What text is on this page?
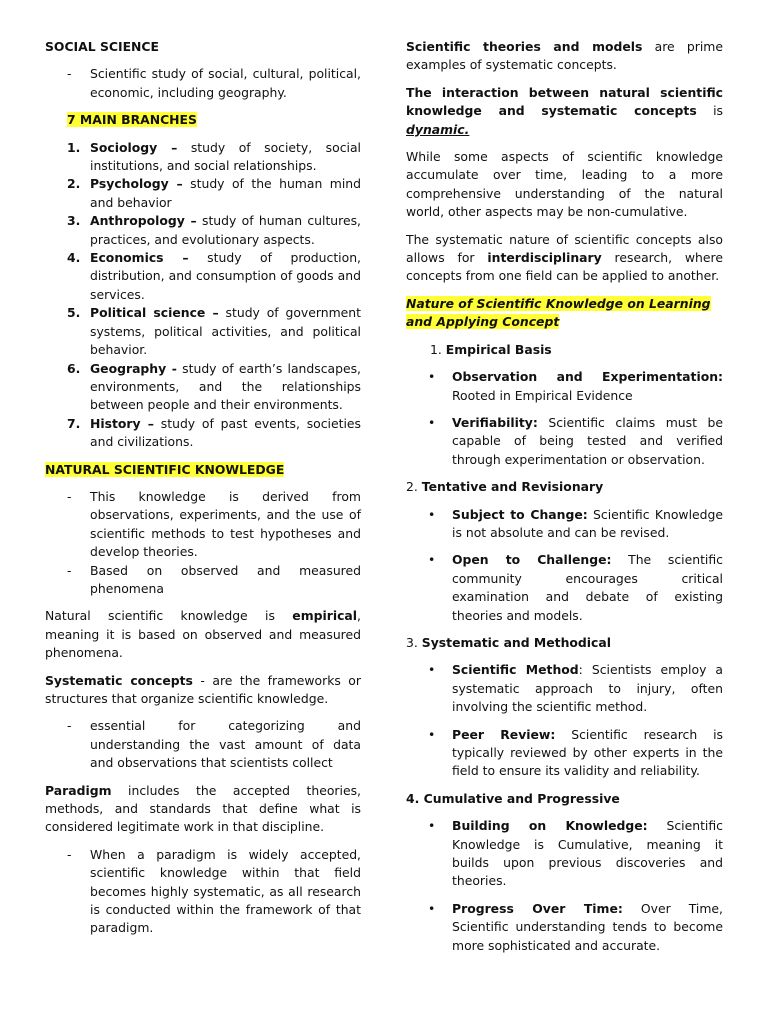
SOCIAL SCIENCE
- Scientific study of social, cultural, political, economic, including geography.
7 MAIN BRANCHES
1. Sociology – study of society, social institutions, and social relationships.
2. Psychology – study of the human mind and behavior
3. Anthropology – study of human cultures, practices, and evolutionary aspects.
4. Economics – study of production, distribution, and consumption of goods and services.
5. Political science – study of government systems, political activities, and political behavior.
6. Geography - study of earth’s landscapes, environments, and the relationships between people and their environments.
7. History – study of past events, societies and civilizations.
NATURAL SCIENTIFIC KNOWLEDGE
- This knowledge is derived from observations, experiments, and the use of scientific methods to test hypotheses and develop theories.
- Based on observed and measured phenomena

Natural scientific knowledge is empirical, meaning it is based on observed and measured phenomena.

Systematic concepts - are the frameworks or structures that organize scientific knowledge.

- essential for categorizing and understanding the vast amount of data and observations that scientists collect

Paradigm includes the accepted theories, methods, and standards that define what is considered legitimate work in that discipline.

- When a paradigm is widely accepted, scientific knowledge within that field becomes highly systematic, as all research is conducted within the framework of that paradigm.

Scientific theories and models are prime examples of systematic concepts.

The interaction between natural scientific knowledge and systematic concepts is dynamic.

While some aspects of scientific knowledge accumulate over time, leading to a more comprehensive understanding of the natural world, other aspects may be non-cumulative.

The systematic nature of scientific concepts also allows for interdisciplinary research, where concepts from one field can be applied to another.

Nature of Scientific Knowledge on Learning and Applying Concept

1. Empirical Basis
• Observation and Experimentation: Rooted in Empirical Evidence
• Verifiability: Scientific claims must be capable of being tested and verified through experimentation or observation.
2. Tentative and Revisionary
• Subject to Change: Scientific Knowledge is not absolute and can be revised.
• Open to Challenge: The scientific community encourages critical examination and debate of existing theories and models.
3. Systematic and Methodical
• Scientific Method: Scientists employ a systematic approach to injury, often involving the scientific method.
• Peer Review: Scientific research is typically reviewed by other experts in the field to ensure its validity and reliability.
4. Cumulative and Progressive
• Building on Knowledge: Scientific Knowledge is Cumulative, meaning it builds upon previous discoveries and theories.
• Progress Over Time: Over Time, Scientific understanding tends to become more sophisticated and accurate.
